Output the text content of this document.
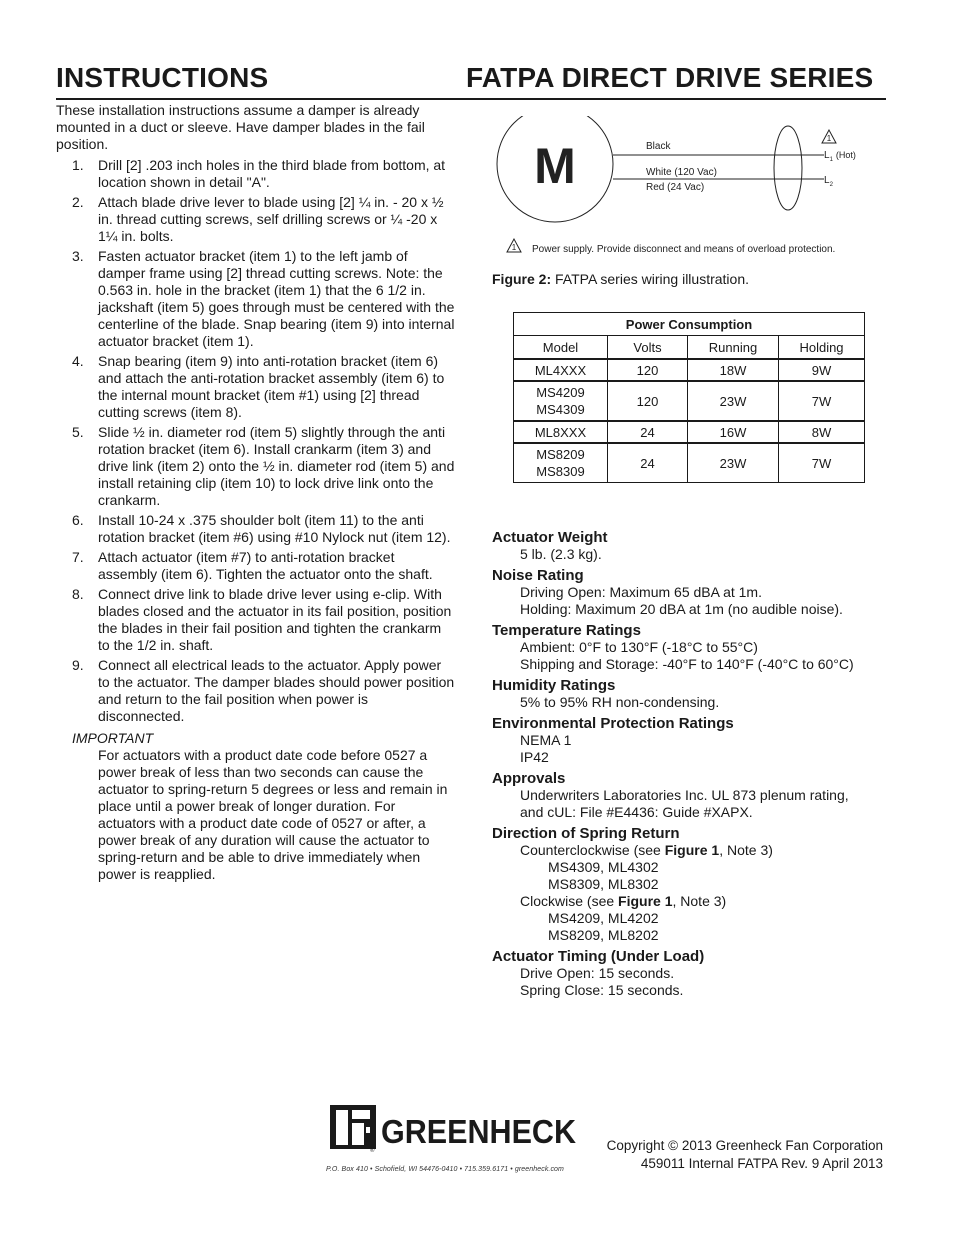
INSTRUCTIONS	FATPA DIRECT DRIVE SERIES

These installation instructions assume a damper is already mounted in a duct or sleeve. Have damper blades in the fail position.

1. Drill [2] .203 inch holes in the third blade from bottom, at location shown in detail "A".
2. Attach blade drive lever to blade using [2] ¼ in. - 20 x ½ in. thread cutting screws, self drilling screws or ¼ -20 x 1¼ in. bolts.
3. Fasten actuator bracket (item 1) to the left jamb of damper frame using [2] thread cutting screws. Note: the 0.563 in. hole in the bracket (item 1) that the 6 1/2 in. jackshaft (item 5) goes through must be centered with the centerline of the blade. Snap bearing (item 9) into internal actuator bracket (item 1).
4. Snap bearing (item 9) into anti-rotation bracket (item 6) and attach the anti-rotation bracket assembly (item 6) to the internal mount bracket (item #1) using [2] thread cutting screws (item 8).
5. Slide ½ in. diameter rod (item 5) slightly through the anti rotation bracket (item 6). Install crankarm (item 3) and drive link (item 2) onto the ½ in. diameter rod (item 5) and install retaining clip (item 10) to lock drive link onto the crankarm.
6. Install 10-24 x .375 shoulder bolt (item 11) to the anti rotation bracket (item #6) using #10 Nylock nut (item 12).
7. Attach actuator (item #7) to anti-rotation bracket assembly (item 6). Tighten the actuator onto the shaft.
8. Connect drive link to blade drive lever using e-clip. With blades closed and the actuator in its fail position, position the blades in their fail position and tighten the crankarm to the 1/2 in. shaft.
9. Connect all electrical leads to the actuator. Apply power to the actuator. The damper blades should power position and return to the fail position when power is disconnected.
IMPORTANT
For actuators with a product date code before 0527 a power break of less than two seconds can cause the actuator to spring-return 5 degrees or less and remain in place until a power break of longer duration. For actuators with a product date code of 0527 or after, a power break of any duration will cause the actuator to spring-return and be able to drive immediately when power is reapplied.
M	Black
White (120 Vac)
Red (24 Vac)
1
$L_1$ (Hot)
$L_2$
1 Power supply. Provide disconnect and means of overload protection.
Figure 2: FATPA series wiring illustration.
Power Consumption			
Model	Volts	Running	Holding
ML4XXX	120	18W	9W

MS4209
MS4309	120	23W	7W
ML8XXX	24	16W	8W

MS8209
MS8309	24	23W	7W
Actuator Weight
5 lb. (2.3 kg).
Noise Rating
Driving Open: Maximum 65 dBA at 1m.
Holding: Maximum 20 dBA at 1m (no audible noise).
Temperature Ratings
Ambient: 0°F to 130°F (-18°C to 55°C)
Shipping and Storage: -40°F to 140°F (-40°C to 60°C)
Humidity Ratings
5% to 95% RH non-condensing.
Environmental Protection Ratings
NEMA 1
IP42
Approvals
Underwriters Laboratories Inc. UL 873 plenum rating,
and cUL: File #E4436: Guide #XAPX.
Direction of Spring Return
Counterclockwise (see Figure 1, Note 3)
MS4309, ML4302
MS8309, ML8302
Clockwise (see Figure 1, Note 3)
MS4209, ML4202
MS8209, ML8202
Actuator Timing (Under Load)
Drive Open: 15 seconds.
Spring Close: 15 seconds.
®
GREENHECK
P.O. Box 410 • Schofield, WI 54476-0410 • 715.359.6171 • greenheck.com
Copyright © 2013 Greenheck Fan Corporation
459011 Internal FATPA Rev. 9 April 2013
